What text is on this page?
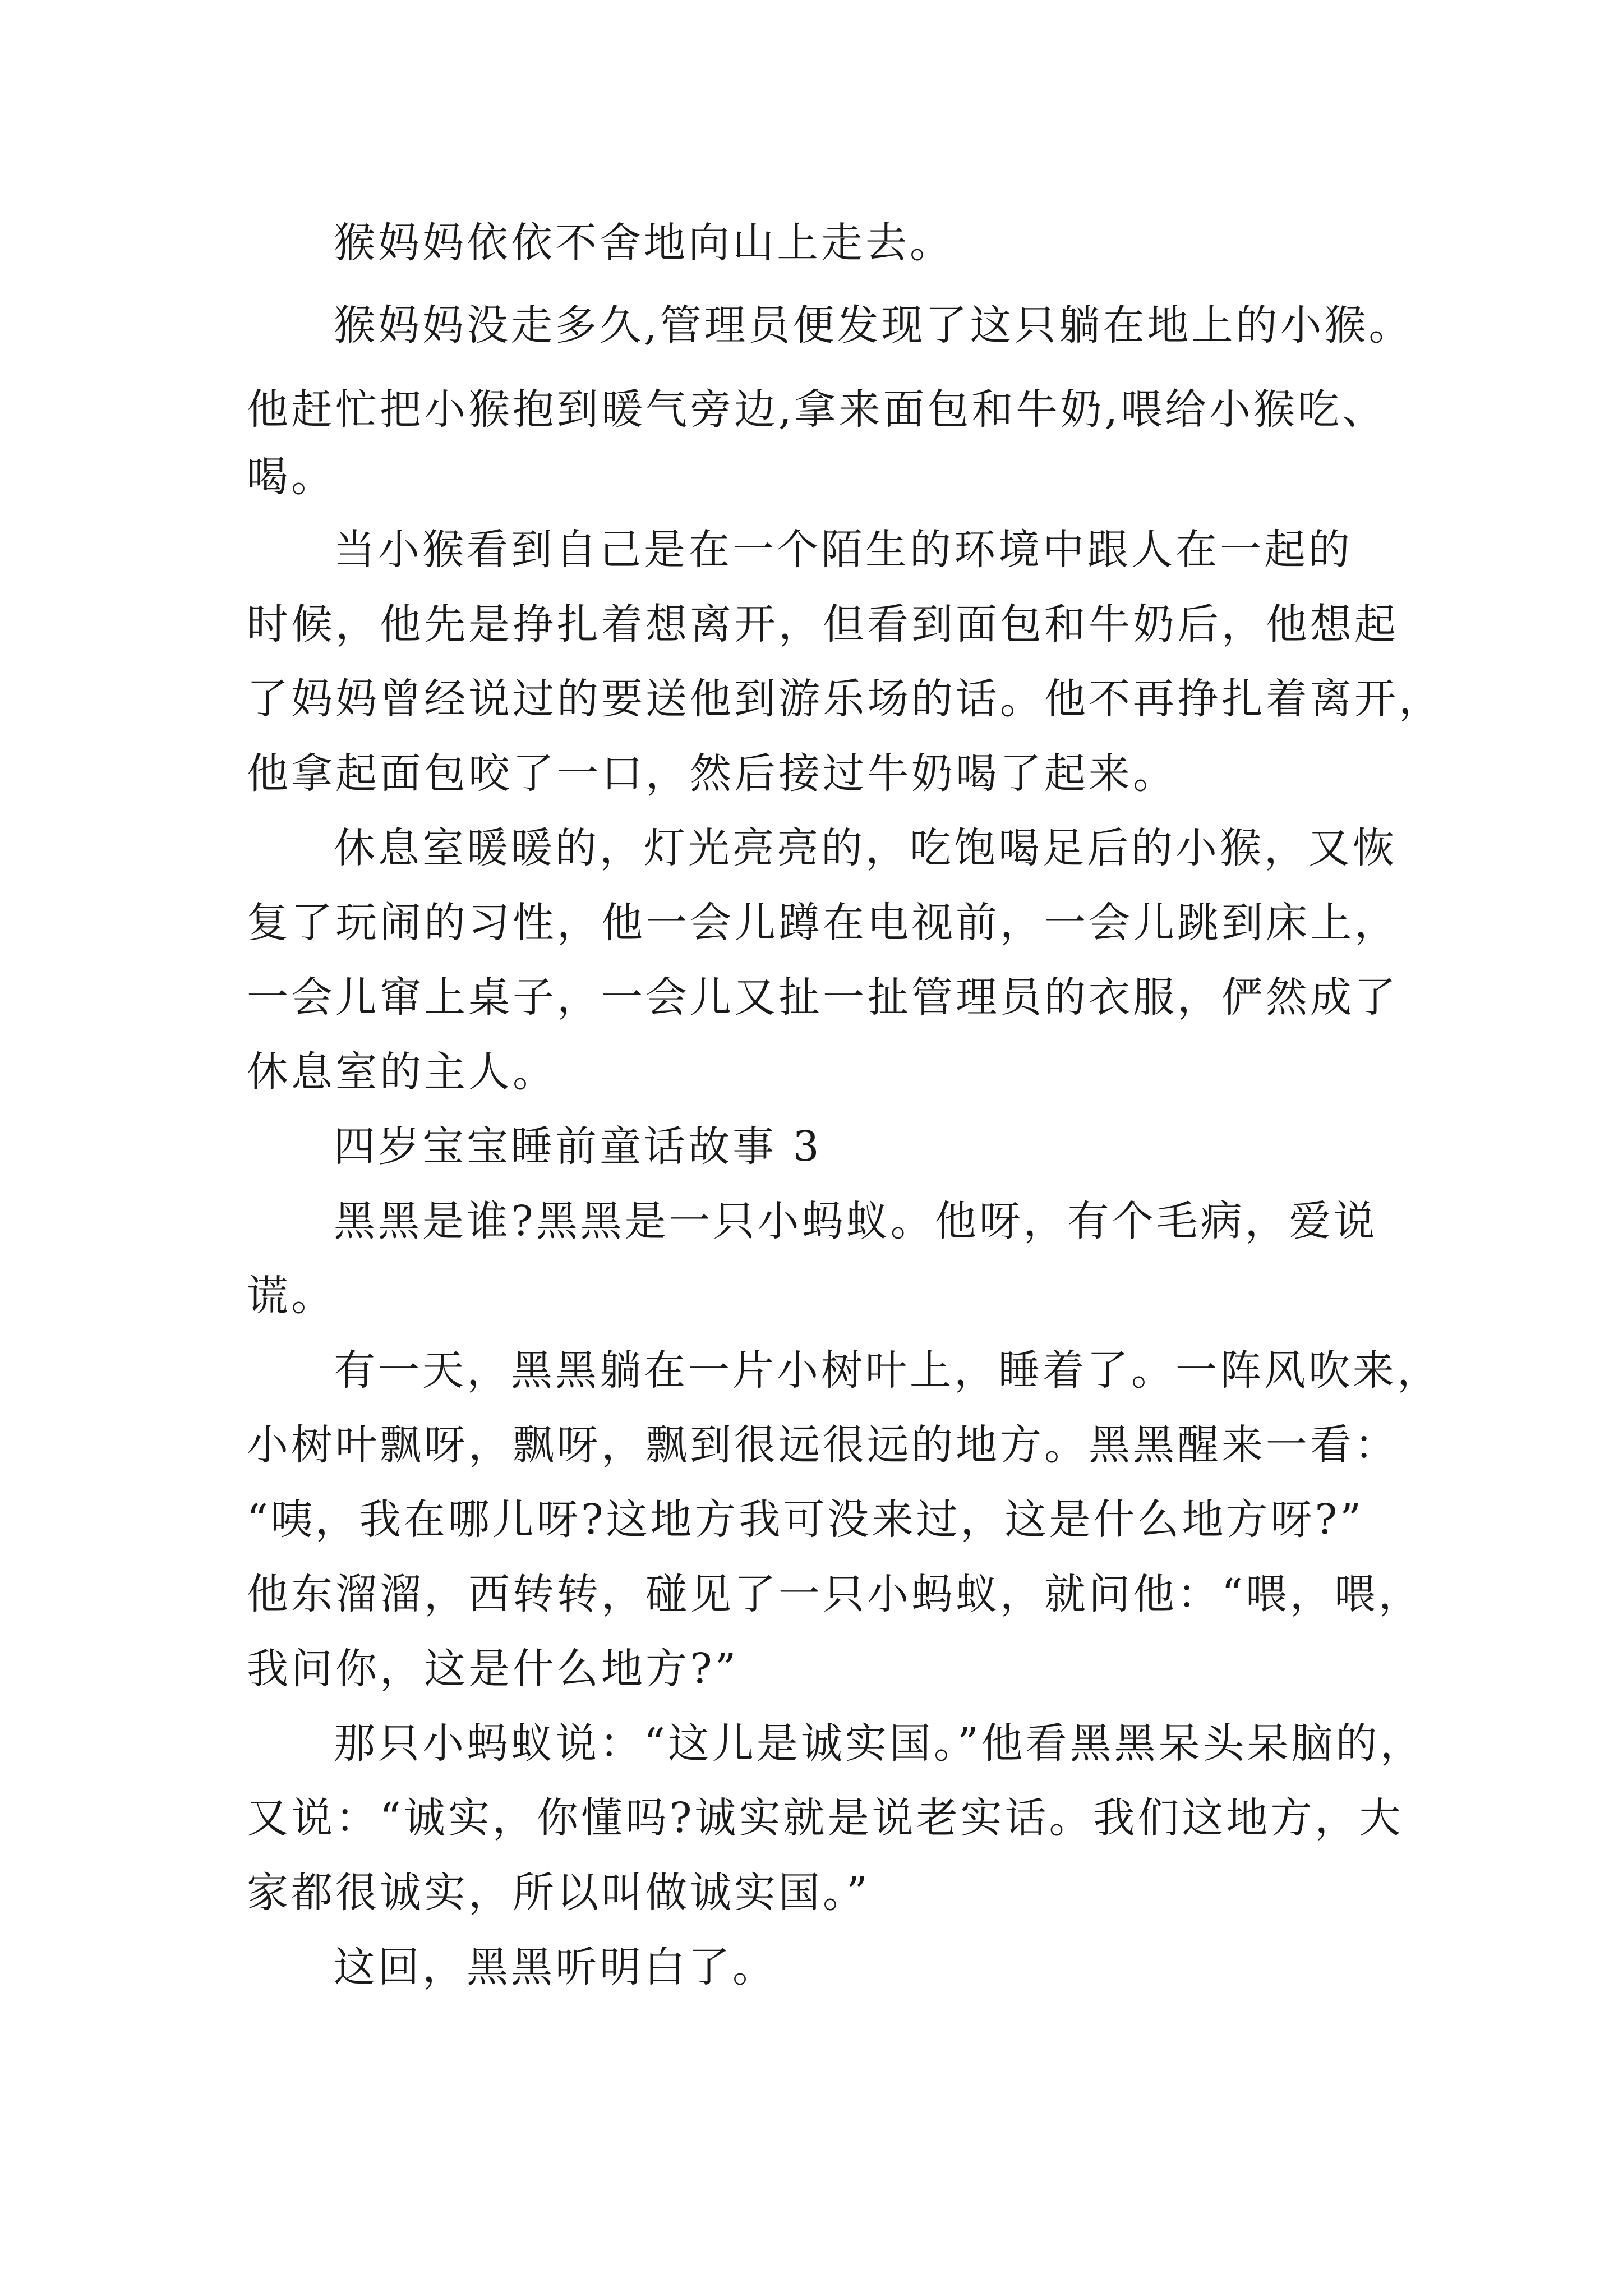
猴妈妈依依不舍地向山上走去。
猴妈妈没走多久,管理员便发现了这只躺在地上的小猴。
他赶忙把小猴抱到暖气旁边,拿来面包和牛奶,喂给小猴吃、
喝。
当小猴看到自己是在一个陌生的环境中跟人在一起的
时候，他先是挣扎着想离开，但看到面包和牛奶后，他想起
了妈妈曾经说过的要送他到游乐场的话。他不再挣扎着离开，
他拿起面包咬了一口，然后接过牛奶喝了起来。
休息室暖暖的，灯光亮亮的，吃饱喝足后的小猴，又恢
复了玩闹的习性，他一会儿蹲在电视前，一会儿跳到床上，
一会儿窜上桌子，一会儿又扯一扯管理员的衣服，俨然成了
休息室的主人。
四岁宝宝睡前童话故事 3
黑黑是谁?黑黑是一只小蚂蚁。他呀，有个毛病，爱说
谎。
有一天，黑黑躺在一片小树叶上，睡着了。一阵风吹来，
小树叶飘呀，飘呀，飘到很远很远的地方。黑黑醒来一看：
“咦，我在哪儿呀?这地方我可没来过，这是什么地方呀?”
他东溜溜，西转转，碰见了一只小蚂蚁，就问他：“喂，喂，
我问你，这是什么地方?”
那只小蚂蚁说：“这儿是诚实国。”他看黑黑呆头呆脑的，
又说：“诚实，你懂吗?诚实就是说老实话。我们这地方，大
家都很诚实，所以叫做诚实国。”
这回，黑黑听明白了。
